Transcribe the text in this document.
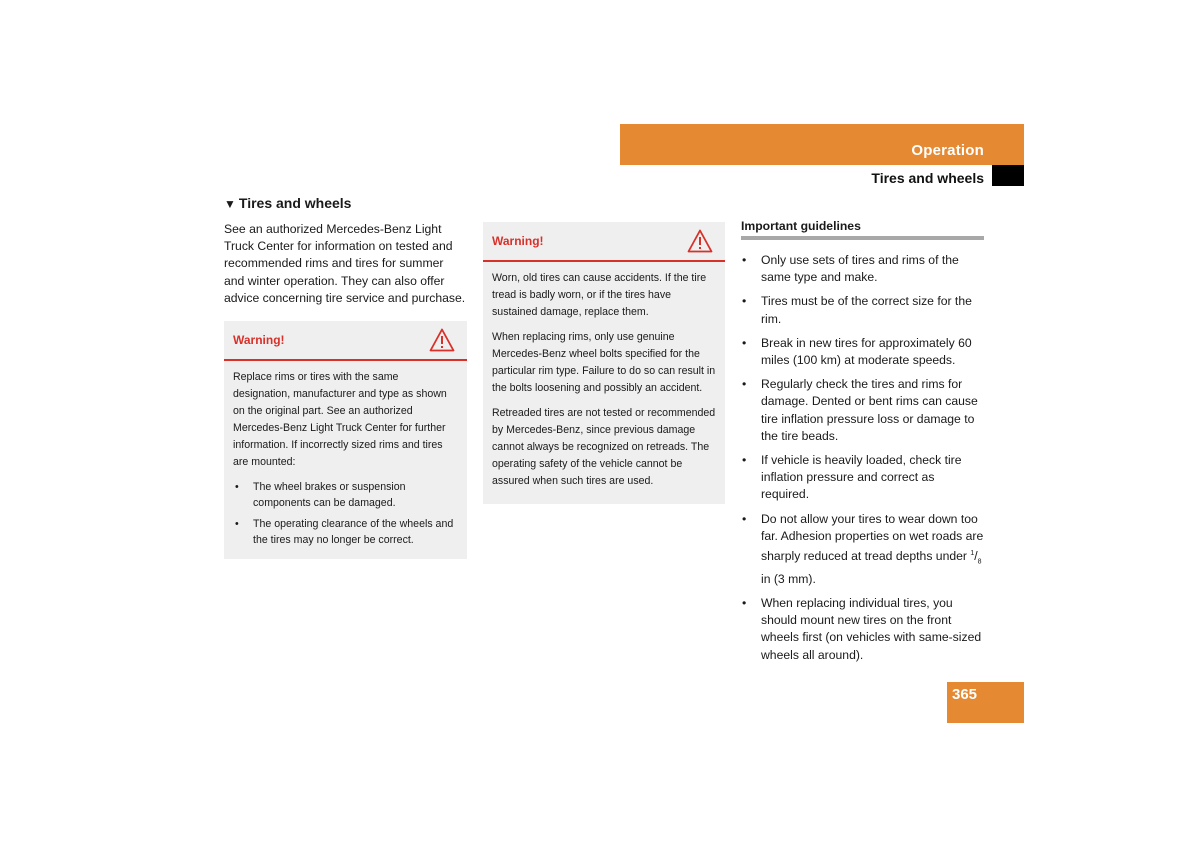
Operation
Tires and wheels
▼ Tires and wheels

See an authorized Mercedes-Benz Light Truck Center for information on tested and recommended rims and tires for summer and winter operation. They can also offer advice concerning tire service and purchase.

Warning!

Replace rims or tires with the same designation, manufacturer and type as shown on the original part. See an authorized Mercedes-Benz Light Truck Center for further information. If incorrectly sized rims and tires are mounted:

• The wheel brakes or suspension components can be damaged.
• The operating clearance of the wheels and the tires may no longer be correct.
Warning!

Worn, old tires can cause accidents. If the tire tread is badly worn, or if the tires have sustained damage, replace them.

When replacing rims, only use genuine Mercedes-Benz wheel bolts specified for the particular rim type. Failure to do so can result in the bolts loosening and possibly an accident.

Retreaded tires are not tested or recommended by Mercedes-Benz, since previous damage cannot always be recognized on retreads. The operating safety of the vehicle cannot be assured when such tires are used.

Important guidelines
• Only use sets of tires and rims of the same type and make.
• Tires must be of the correct size for the rim.
• Break in new tires for approximately 60 miles (100 km) at moderate speeds.
• Regularly check the tires and rims for damage. Dented or bent rims can cause tire inflation pressure loss or damage to the tire beads.
• If vehicle is heavily loaded, check tire inflation pressure and correct as required.
• Do not allow your tires to wear down too far. Adhesion properties on wet roads are sharply reduced at tread depths under $^1/_8$ in (3 mm).
• When replacing individual tires, you should mount new tires on the front wheels first (on vehicles with same-sized wheels all around).
365
